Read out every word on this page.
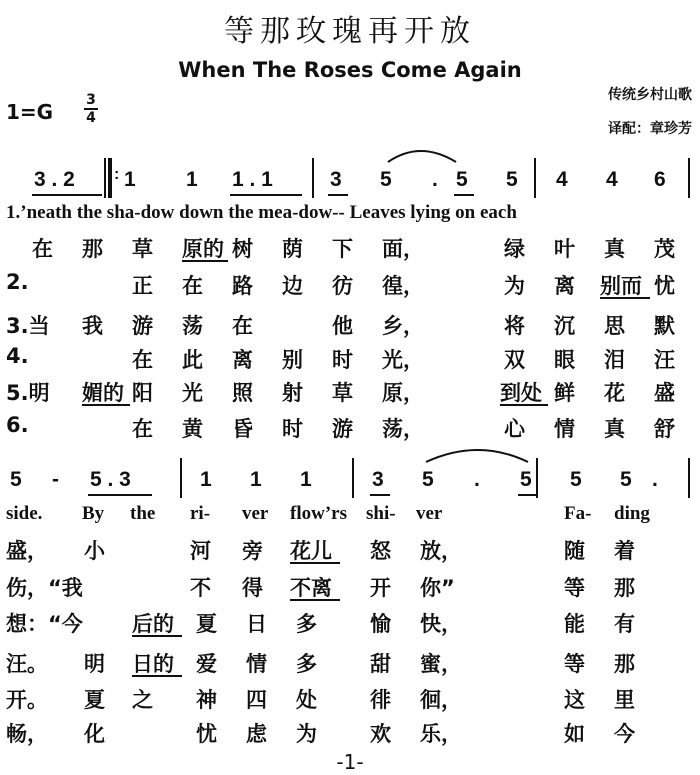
等那玫瑰再开放
When The Roses Come Again
1=G 3
4
传统乡村山歌
译配：章珍芳
:
3 . 2 1 1 1 . 1	3 5 . 5 5 4 4 6
1.’neath the sha-dow down the mea-dow-- Leaves lying on each
在 那 草 原的 树 荫 下 面，	绿 叶 真 茂
2.	正 在 路 边 彷 徨，	为 离 别而 忧
3.当 我 游 荡 在	他 乡，	将 沉 思 默
4.	在 此 离 别 时 光，	双 眼 泪 汪
5.明 媚的 阳 光 照 射 草 原，	到处 鲜 花 盛
6.	在 黄 昏 时 游 荡，	心 情 真 舒
5 - 5 . 3	1 1 1	3 5 . 5 5 5 .
side. By the ri- ver flow’rs shi- ver	Fa- ding
盛， 小	河 旁 花儿 怒 放，	随 着
伤，“我	不 得 不离 开 你”	等 那
想：“今 后的 夏 日 多	愉 快，	能 有
汪。 明 日的 爱 情 多	甜 蜜，	等 那
开。 夏 之 神 四 处	徘 徊，	这 里
畅， 化	忧 虑 为	欢 乐，	如 今
-1-
